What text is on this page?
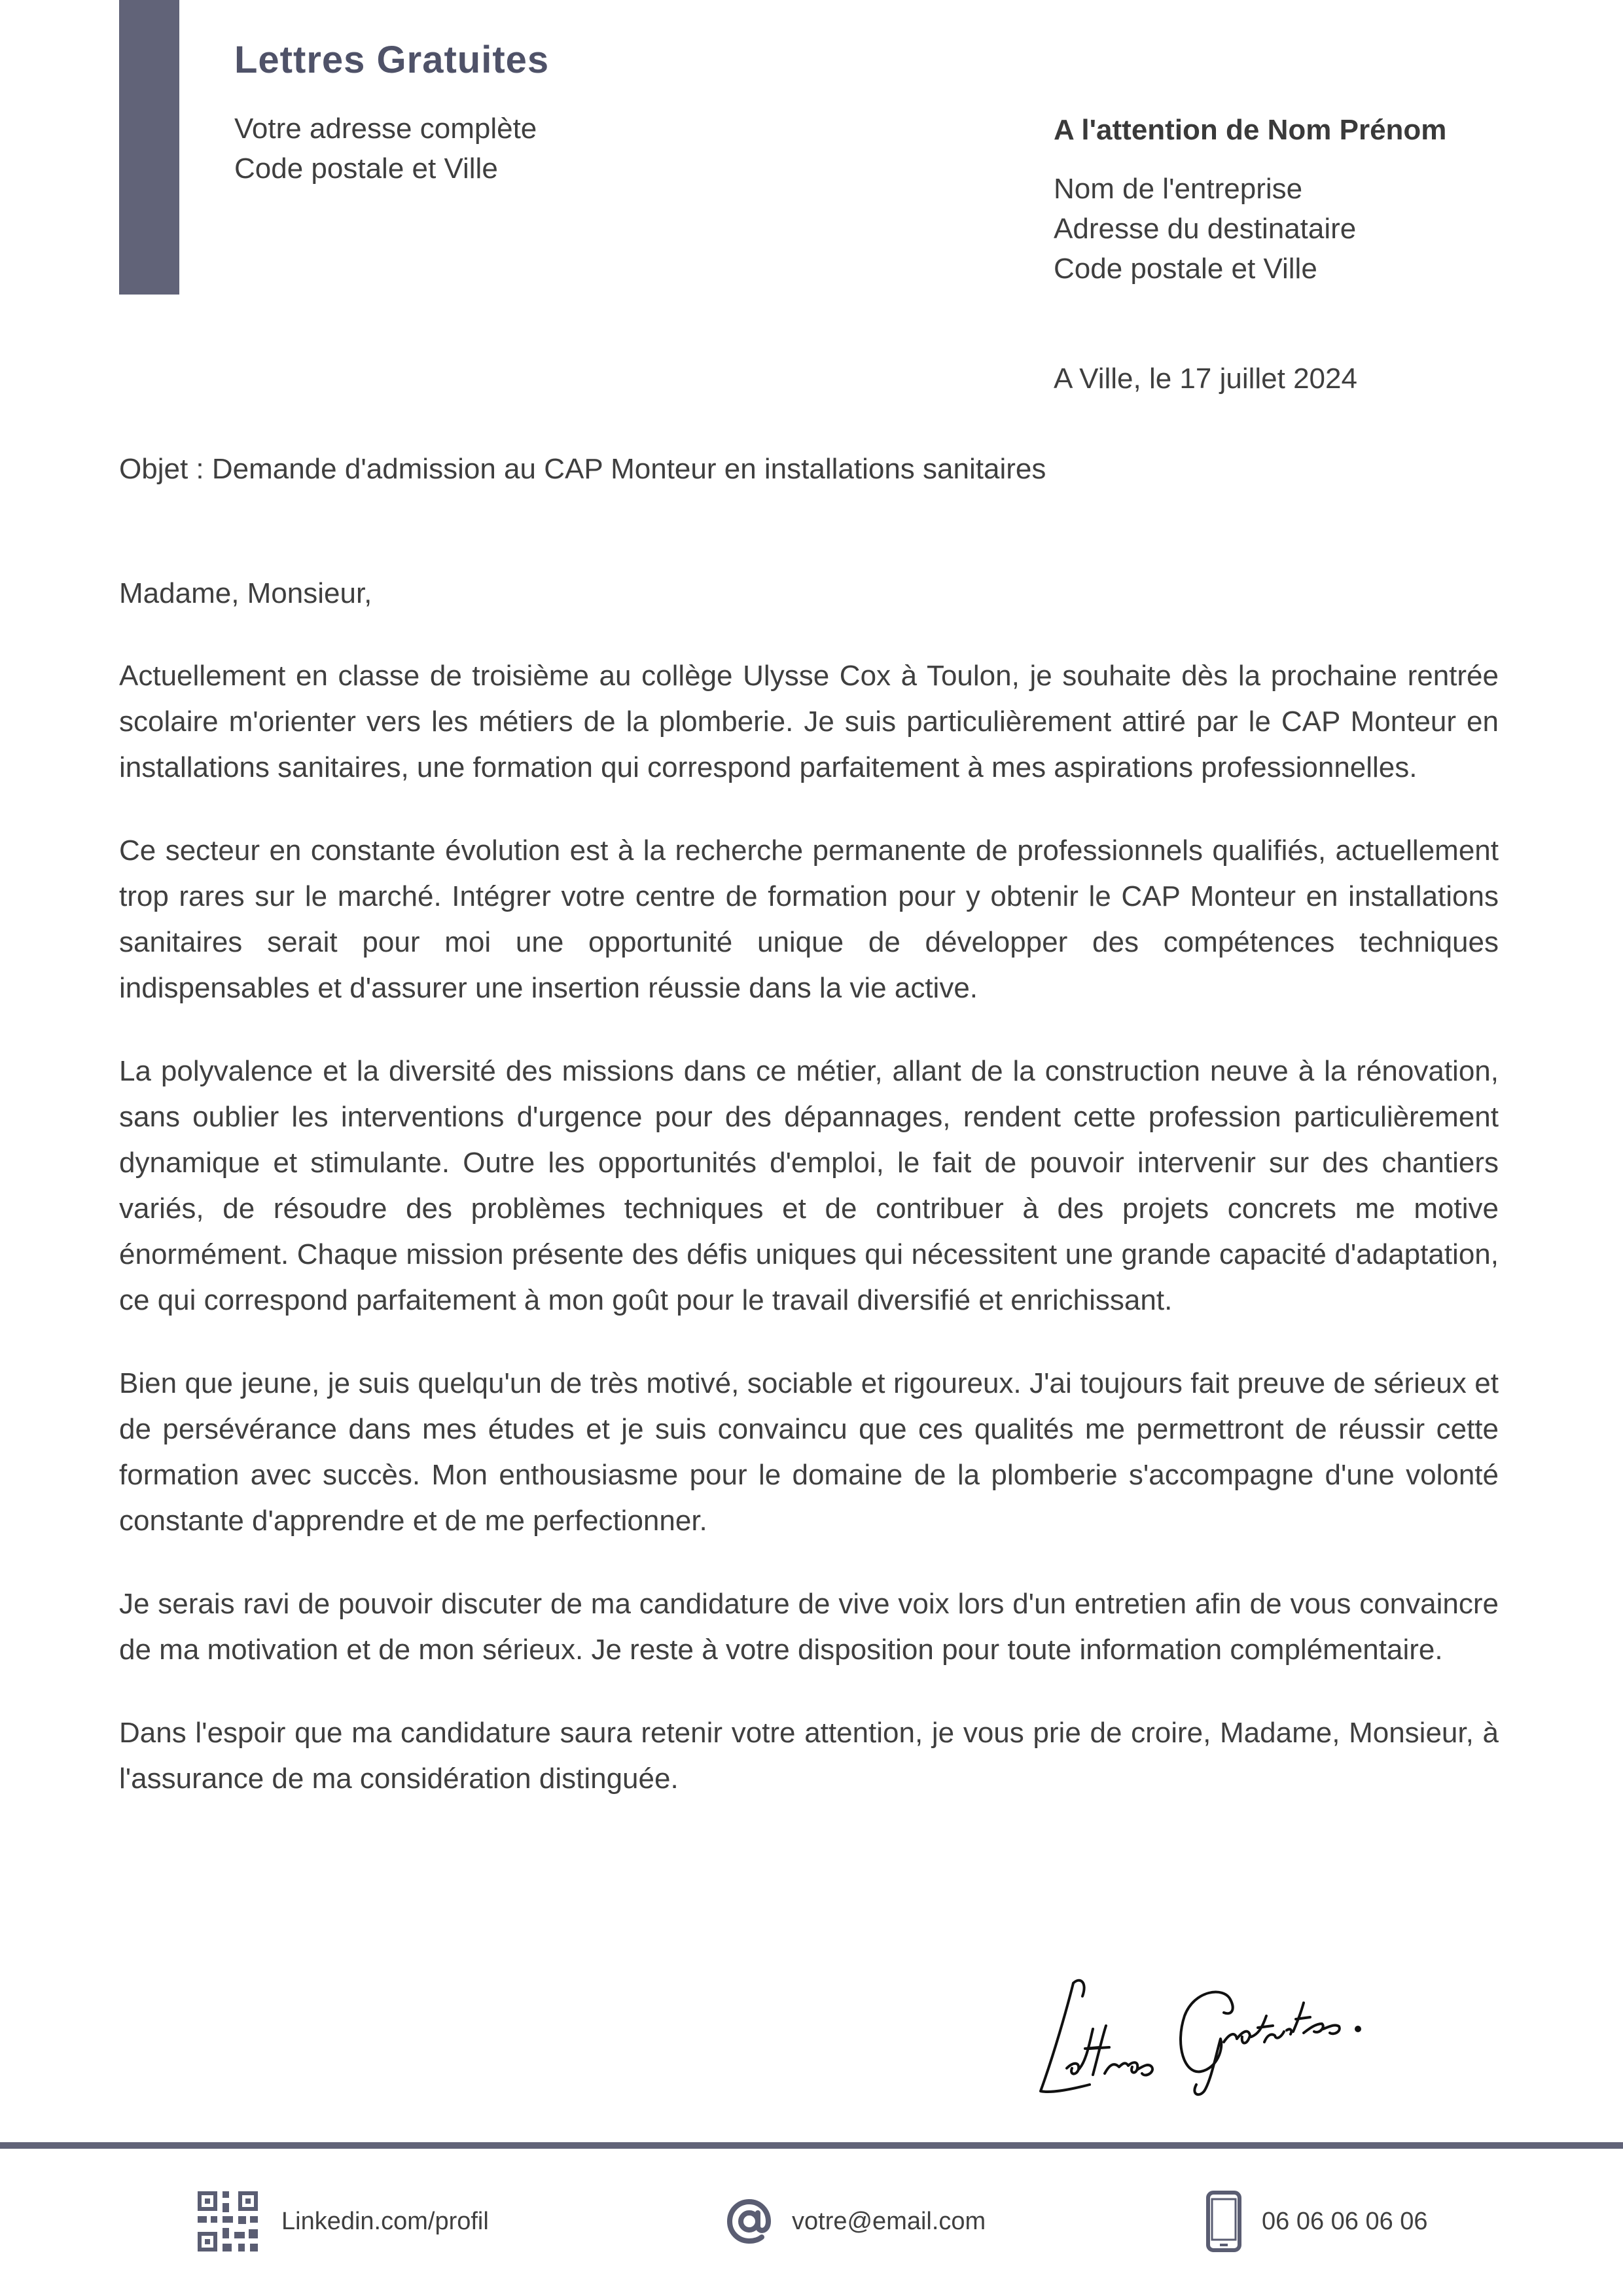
Lettres Gratuites
Votre adresse complète
Code postale et Ville
A l'attention de Nom Prénom
Nom de l'entreprise
Adresse du destinataire
Code postale et Ville
A Ville, le 17 juillet 2024
Objet : Demande d'admission au CAP Monteur en installations sanitaires
Madame, Monsieur,

Actuellement en classe de troisième au collège Ulysse Cox à Toulon, je souhaite dès la prochaine rentrée scolaire m'orienter vers les métiers de la plomberie. Je suis particulièrement attiré par le CAP Monteur en installations sanitaires, une formation qui correspond parfaitement à mes aspirations professionnelles.

Ce secteur en constante évolution est à la recherche permanente de professionnels qualifiés, actuellement trop rares sur le marché. Intégrer votre centre de formation pour y obtenir le CAP Monteur en installations sanitaires serait pour moi une opportunité unique de développer des compétences techniques indispensables et d'assurer une insertion réussie dans la vie active.

La polyvalence et la diversité des missions dans ce métier, allant de la construction neuve à la rénovation, sans oublier les interventions d'urgence pour des dépannages, rendent cette profession particulièrement dynamique et stimulante. Outre les opportunités d'emploi, le fait de pouvoir intervenir sur des chantiers variés, de résoudre des problèmes techniques et de contribuer à des projets concrets me motive énormément. Chaque mission présente des défis uniques qui nécessitent une grande capacité d'adaptation, ce qui correspond parfaitement à mon goût pour le travail diversifié et enrichissant.

Bien que jeune, je suis quelqu'un de très motivé, sociable et rigoureux. J'ai toujours fait preuve de sérieux et de persévérance dans mes études et je suis convaincu que ces qualités me permettront de réussir cette formation avec succès. Mon enthousiasme pour le domaine de la plomberie s'accompagne d'une volonté constante d'apprendre et de me perfectionner.

Je serais ravi de pouvoir discuter de ma candidature de vive voix lors d'un entretien afin de vous convaincre de ma motivation et de mon sérieux. Je reste à votre disposition pour toute information complémentaire.

Dans l'espoir que ma candidature saura retenir votre attention, je vous prie de croire, Madame, Monsieur, à l'assurance de ma considération distinguée.

Linkedin.com/profil	votre@email.com	06 06 06 06 06
